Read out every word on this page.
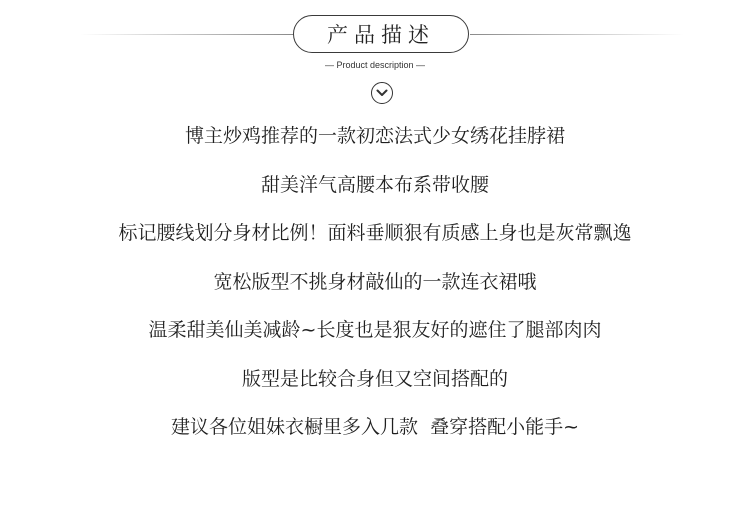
产品描述
— Product description —
博主炒鸡推荐的一款初恋法式少女绣花挂脖裙
甜美洋气高腰本布系带收腰
标记腰线划分身材比例！面料垂顺狠有质感上身也是灰常飘逸
宽松版型不挑身材敲仙的一款连衣裙哦
温柔甜美仙美减龄~长度也是狠友好的遮住了腿部肉肉
版型是比较合身但又空间搭配的
建议各位姐妹衣橱里多入几款  叠穿搭配小能手~
